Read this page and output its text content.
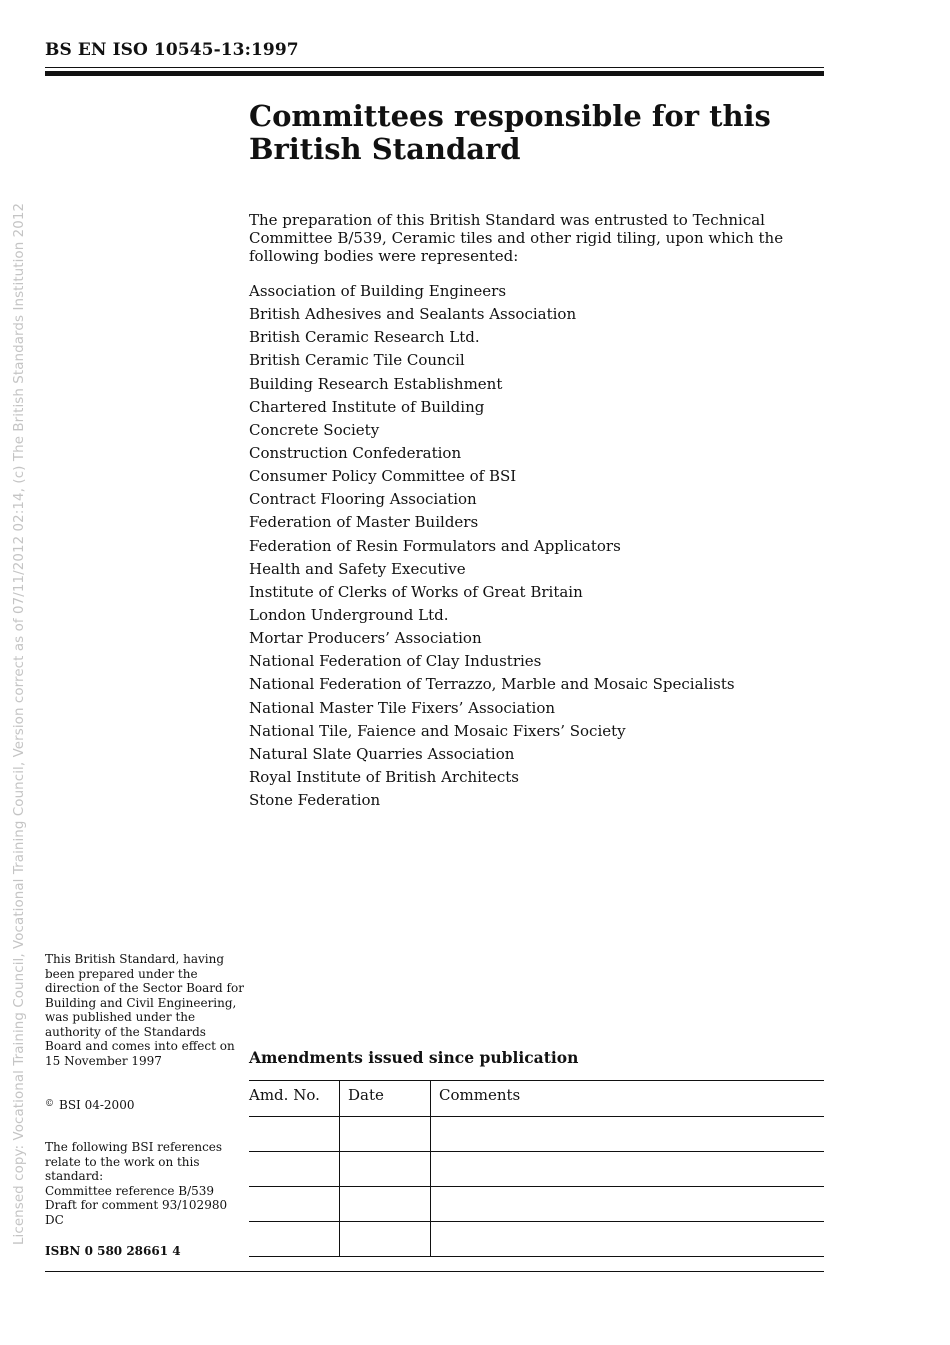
BS EN ISO 10545-13:1997
Licensed copy: Vocational Training Council, Vocational Training Council, Version correct as of 07/11/2012 02:14, (c) The British Standards Institution 2012
Committees responsible for this British Standard

The preparation of this British Standard was entrusted to Technical Committee B/539, Ceramic tiles and other rigid tiling, upon which the following bodies were represented:

Association of Building Engineers
British Adhesives and Sealants Association
British Ceramic Research Ltd.
British Ceramic Tile Council
Building Research Establishment
Chartered Institute of Building
Concrete Society
Construction Confederation
Consumer Policy Committee of BSI
Contract Flooring Association
Federation of Master Builders
Federation of Resin Formulators and Applicators
Health and Safety Executive
Institute of Clerks of Works of Great Britain
London Underground Ltd.
Mortar Producers’ Association
National Federation of Clay Industries
National Federation of Terrazzo, Marble and Mosaic Specialists
National Master Tile Fixers’ Association
National Tile, Faience and Mosaic Fixers’ Society
Natural Slate Quarries Association
Royal Institute of British Architects
Stone Federation

This British Standard, having been prepared under the direction of the Sector Board for Building and Civil Engineering, was published under the authority of the Standards Board and comes into effect on 15 November 1997

© BSI 04-2000

The following BSI references relate to the work on this standard:
Committee reference B/539
Draft for comment 93/102980 DC

ISBN 0 580 28661 4

Amendments issued since publication
Amd. No.	Date	Comments
